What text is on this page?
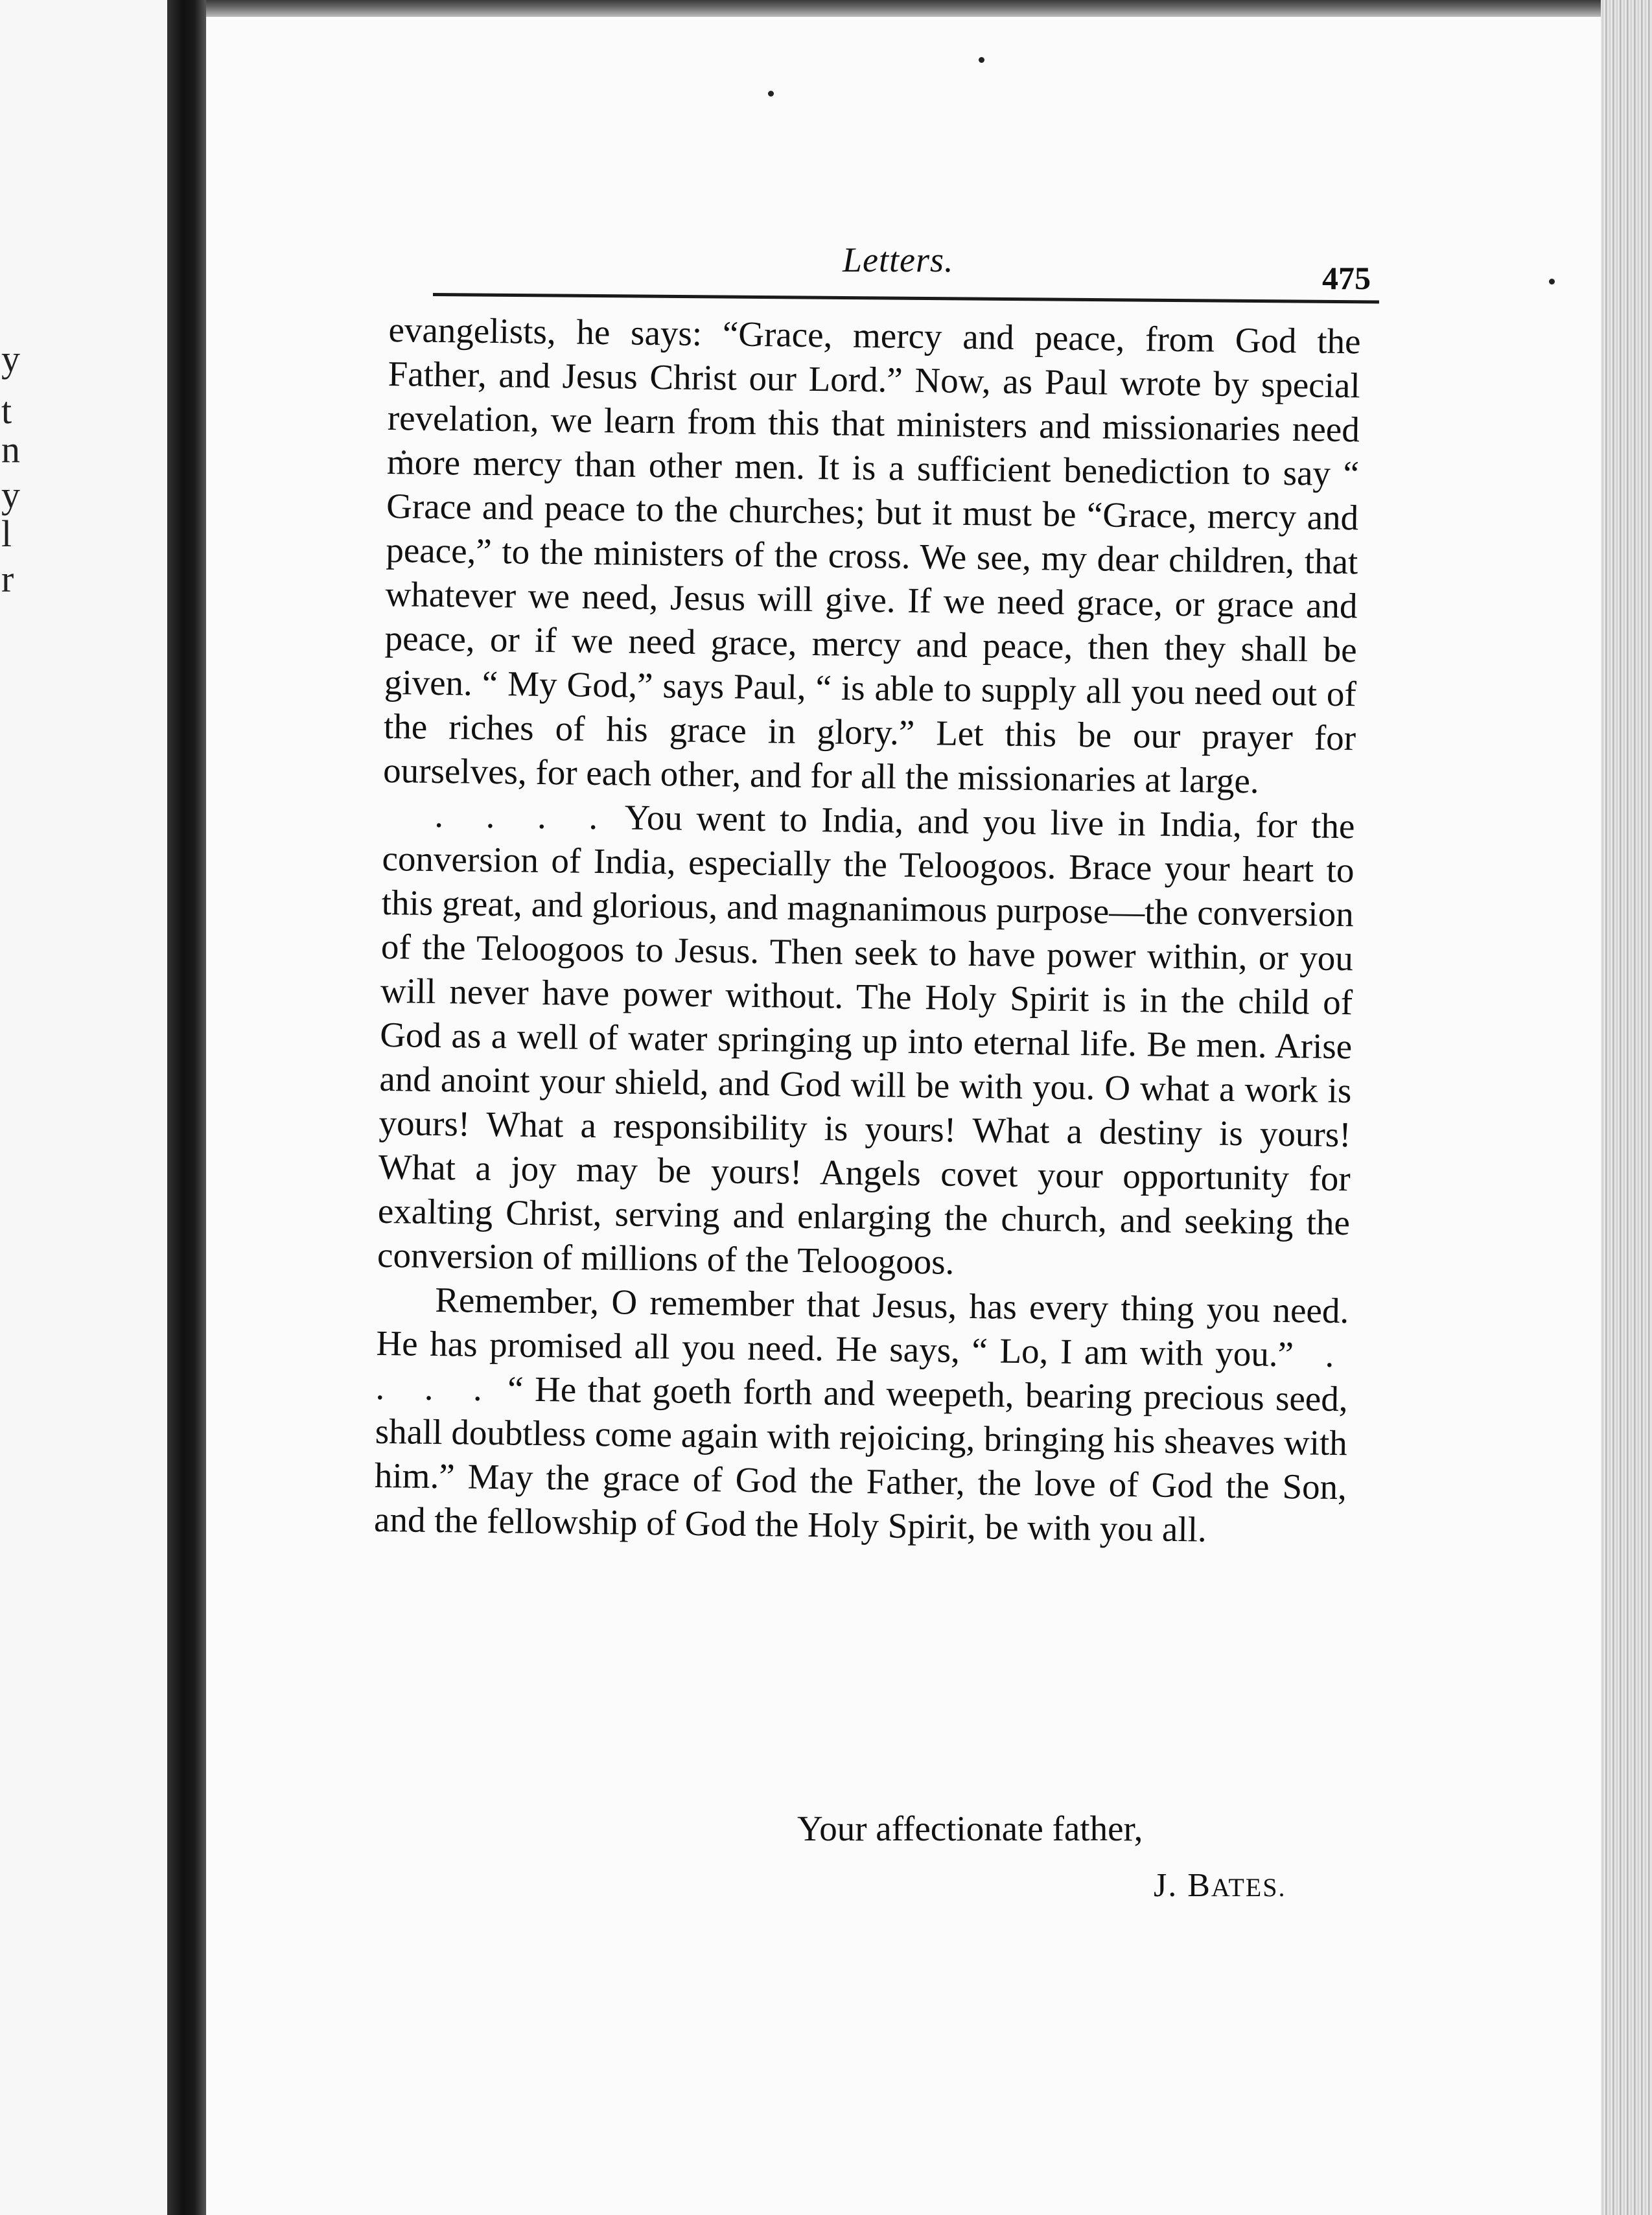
y
t
n
y
l
r
Letters.	475

evangelists, he says: “Grace, mercy and peace, from God the Father, and Jesus Christ our Lord.” Now, as Paul wrote by special revelation, we learn from this that ministers and missionaries need more mercy than other men. It is a sufficient benediction to say “ Grace and peace to the churches; but it must be “Grace, mercy and peace,” to the ministers of the cross. We see, my dear children, that whatever we need, Jesus will give. If we need grace, or grace and peace, or if we need grace, mercy and peace, then they shall be given. “ My God,” says Paul, “ is able to supply all you need out of the riches of his grace in glory.” Let this be our prayer for ourselves, for each other, and for all the missionaries at large.

. . . . You went to India, and you live in India, for the conversion of India, especially the Teloogoos. Brace your heart to this great, and glorious, and magnanimous purpose—the conversion of the Teloogoos to Jesus. Then seek to have power within, or you will never have power without. The Holy Spirit is in the child of God as a well of water springing up into eternal life. Be men. Arise and anoint your shield, and God will be with you. O what a work is yours! What a responsibility is yours! What a destiny is yours! What a joy may be yours! Angels covet your opportunity for exalting Christ, serving and enlarging the church, and seeking the conversion of millions of the Teloogoos.

Remember, O remember that Jesus, has every thing you need. He has promised all you need. He says, “ Lo, I am with you.” . . . . “ He that goeth forth and weepeth, bearing precious seed, shall doubtless come again with rejoicing, bringing his sheaves with him.” May the grace of God the Father, the love of God the Son, and the fellowship of God the Holy Spirit, be with you all.

Your affectionate father,
J. BATES.
